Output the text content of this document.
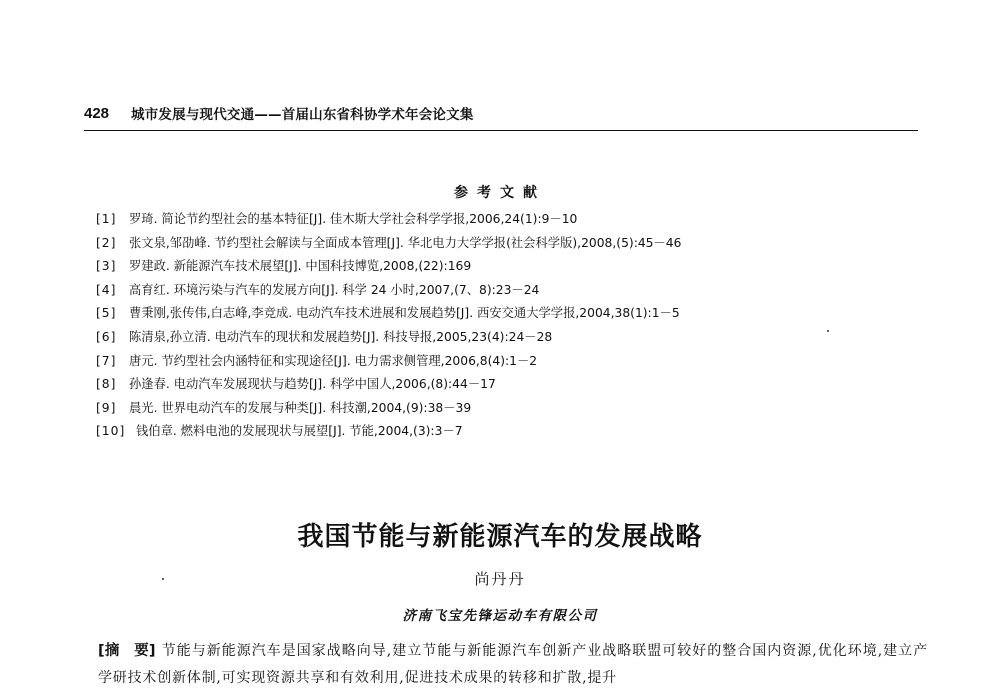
428 城市发展与现代交通——首届山东省科协学术年会论文集
参考文献
[1]	罗琦. 简论节约型社会的基本特征[J]. 佳木斯大学社会科学学报,2006,24(1):9－10
[2]	张文泉,邹劭峰. 节约型社会解读与全面成本管理[J]. 华北电力大学学报(社会科学版),2008,(5):45－46
[3]	罗建政. 新能源汽车技术展望[J]. 中国科技博览,2008,(22):169
[4]	高育红. 环境污染与汽车的发展方向[J]. 科学 24 小时,2007,(7、8):23－24
[5]	曹秉刚,张传伟,白志峰,李竞成. 电动汽车技术进展和发展趋势[J]. 西安交通大学学报,2004,38(1):1－5
[6]	陈清泉,孙立清. 电动汽车的现状和发展趋势[J]. 科技导报,2005,23(4):24－28
[7]	唐元. 节约型社会内涵特征和实现途径[J]. 电力需求侧管理,2006,8(4):1－2
[8]	孙逢春. 电动汽车发展现状与趋势[J]. 科学中国人,2006,(8):44－17
[9]	晨光. 世界电动汽车的发展与种类[J]. 科技潮,2004,(9):38－39
[10] 钱伯章. 燃料电池的发展现状与展望[J]. 节能,2004,(3):3－7
我国节能与新能源汽车的发展战略
尚丹丹
济南飞宝先锋运动车有限公司
[摘　要] 节能与新能源汽车是国家战略向导,建立节能与新能源汽车创新产业战略联盟可较好的整合国内资源,优化环境,建立产学研技术创新体制,可实现资源共享和有效利用,促进技术成果的转移和扩散,提升
